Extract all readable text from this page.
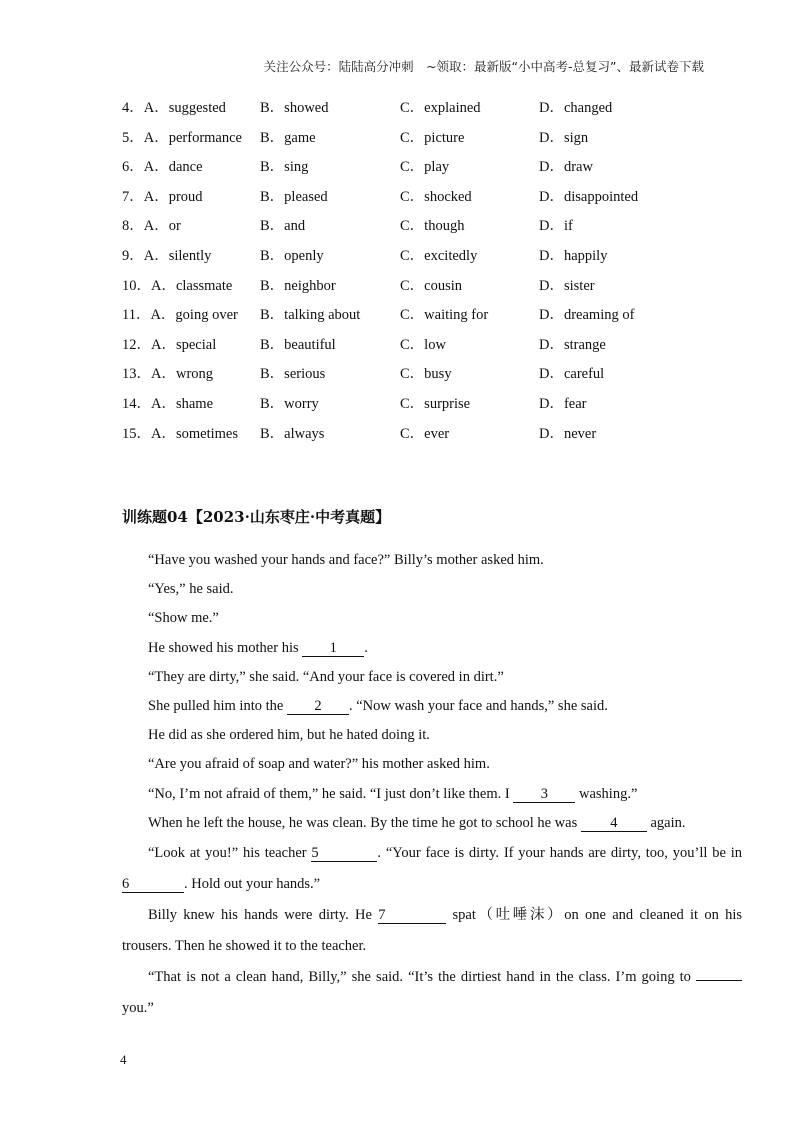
关注公众号：陆陆高分冲刺　~领取：最新版“小中高考-总复习”、最新试卷下载
4．A．suggested B．showed	C．explained	D．changed
5．A．performance B．game	C．picture	D．sign
6．A．dance	B．sing	C．play	D．draw
7．A．proud	B．pleased	C．shocked	D．disappointed
8．A．or	B．and	C．though	D．if
9．A．silently	B．openly	C．excitedly	D．happily
10．A．classmate B．neighbor	C．cousin	D．sister
11．A．going over B．talking about	C．waiting for	D．dreaming of
12．A．special	B．beautiful	C．low	D．strange
13．A．wrong	B．serious	C．busy	D．careful
14．A．shame	B．worry	C．surprise	D．fear
15．A．sometimes B．always	C．ever	D．never
训练题04【2023·山东枣庄·中考真题】
“Have you washed your hands and face?” Billy’s mother asked him.
“Yes,” he said.
“Show me.”
He showed his mother his 1 .
“They are dirty,” she said. “And your face is covered in dirt.”
She pulled him into the 2 . “Now wash your face and hands,” she said.
He did as she ordered him, but he hated doing it.
“Are you afraid of soap and water?” his mother asked him.
“No, I’m not afraid of them,” he said. “I just don’t like them. I 3 washing.”
When he left the house, he was clean. By the time he got to school he was 4 again.
“Look at you!” his teacher 5	. “Your face is dirty. If your hands are dirty, too, you’ll be in 6	. Hold out your hands.”
Billy knew his hands were dirty. He 7	spat（吐唾沫）on one and cleaned it on his trousers. Then he showed it to the teacher.
“That is not a clean hand, Billy,” she said. “It’s the dirtiest hand in the class. I’m going to  you.”
4
